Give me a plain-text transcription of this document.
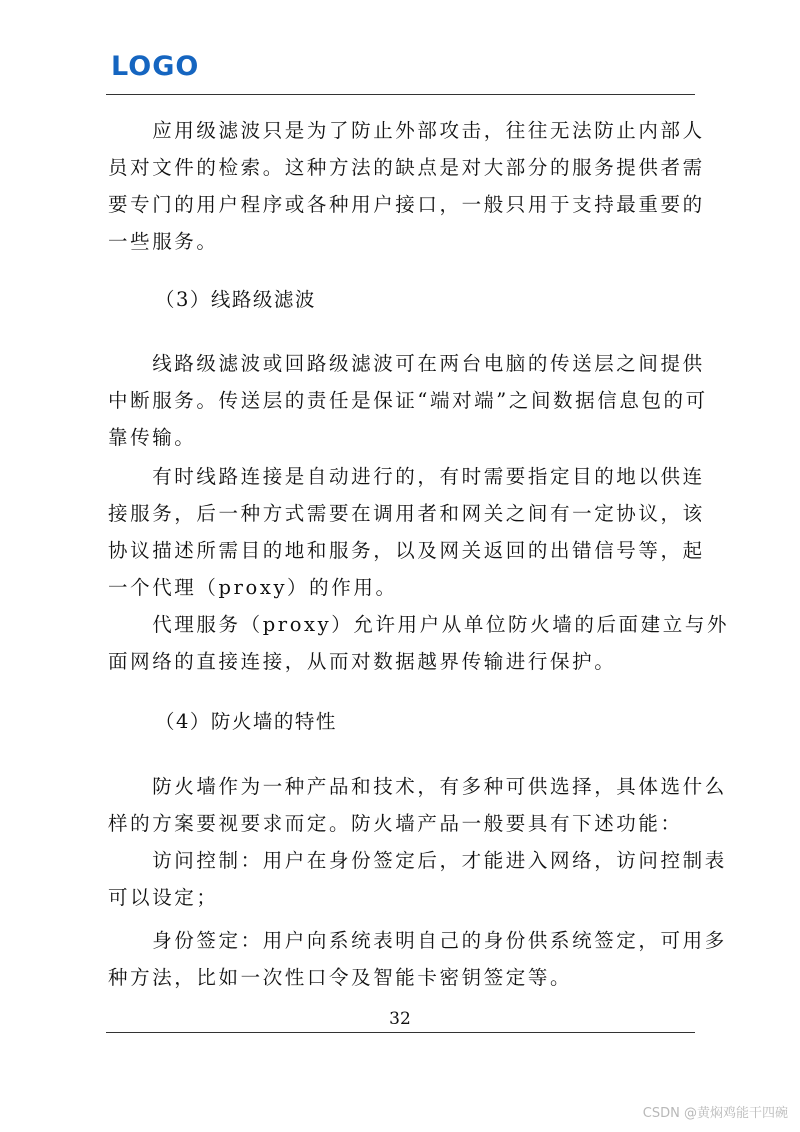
LOGO
　　应用级滤波只是为了防止外部攻击，往往无法防止内部人
员对文件的检索。这种方法的缺点是对大部分的服务提供者需
要专门的用户程序或各种用户接口，一般只用于支持最重要的
一些服务。
（3）线路级滤波
　　线路级滤波或回路级滤波可在两台电脑的传送层之间提供
中断服务。传送层的责任是保证“端对端”之间数据信息包的可
靠传输。
　　有时线路连接是自动进行的，有时需要指定目的地以供连
接服务，后一种方式需要在调用者和网关之间有一定协议，该
协议描述所需目的地和服务，以及网关返回的出错信号等，起
一个代理（proxy）的作用。
　　代理服务（proxy）允许用户从单位防火墙的后面建立与外
面网络的直接连接，从而对数据越界传输进行保护。
（4）防火墙的特性
　　防火墙作为一种产品和技术，有多种可供选择，具体选什么
样的方案要视要求而定。防火墙产品一般要具有下述功能：
　　访问控制：用户在身份签定后，才能进入网络，访问控制表
可以设定；
　　身份签定：用户向系统表明自己的身份供系统签定，可用多
种方法，比如一次性口令及智能卡密钥签定等。
32
CSDN @黄焖鸡能干四碗
